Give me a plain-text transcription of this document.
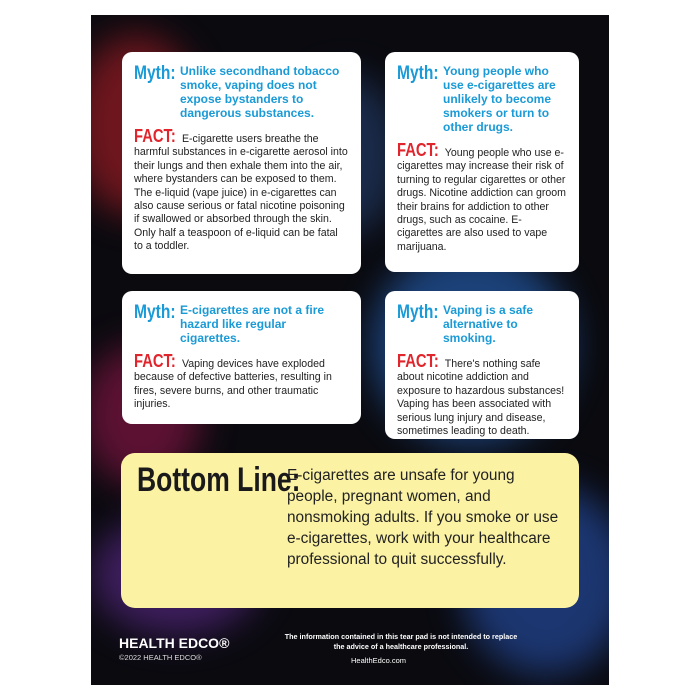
Myth: Unlike secondhand tobacco smoke, vaping does not expose bystanders to dangerous substances.
FACT: E-cigarette users breathe the harmful substances in e-cigarette aerosol into their lungs and then exhale them into the air, where bystanders can be exposed to them. The e-liquid (vape juice) in e-cigarettes can also cause serious or fatal nicotine poisoning if swallowed or absorbed through the skin. Only half a teaspoon of e-liquid can be fatal to a toddler.
Myth: Young people who use e-cigarettes are unlikely to become smokers or turn to other drugs.
FACT: Young people who use e-cigarettes may increase their risk of turning to regular cigarettes or other drugs. Nicotine addiction can groom their brains for addiction to other drugs, such as cocaine. E-cigarettes are also used to vape marijuana.
Myth: E-cigarettes are not a fire hazard like regular cigarettes.
FACT: Vaping devices have exploded because of defective batteries, resulting in fires, severe burns, and other traumatic injuries.
Myth: Vaping is a safe alternative to smoking.
FACT: There's nothing safe about nicotine addiction and exposure to hazardous substances! Vaping has been associated with serious lung injury and disease, sometimes leading to death.
Bottom Line:
E-cigarettes are unsafe for young people, pregnant women, and nonsmoking adults. If you smoke or use e-cigarettes, work with your healthcare professional to quit successfully.
HEALTH EDCO®
©2022 HEALTH EDCO®
The information contained in this tear pad is not intended to replace the advice of a healthcare professional.
HealthEdco.com
